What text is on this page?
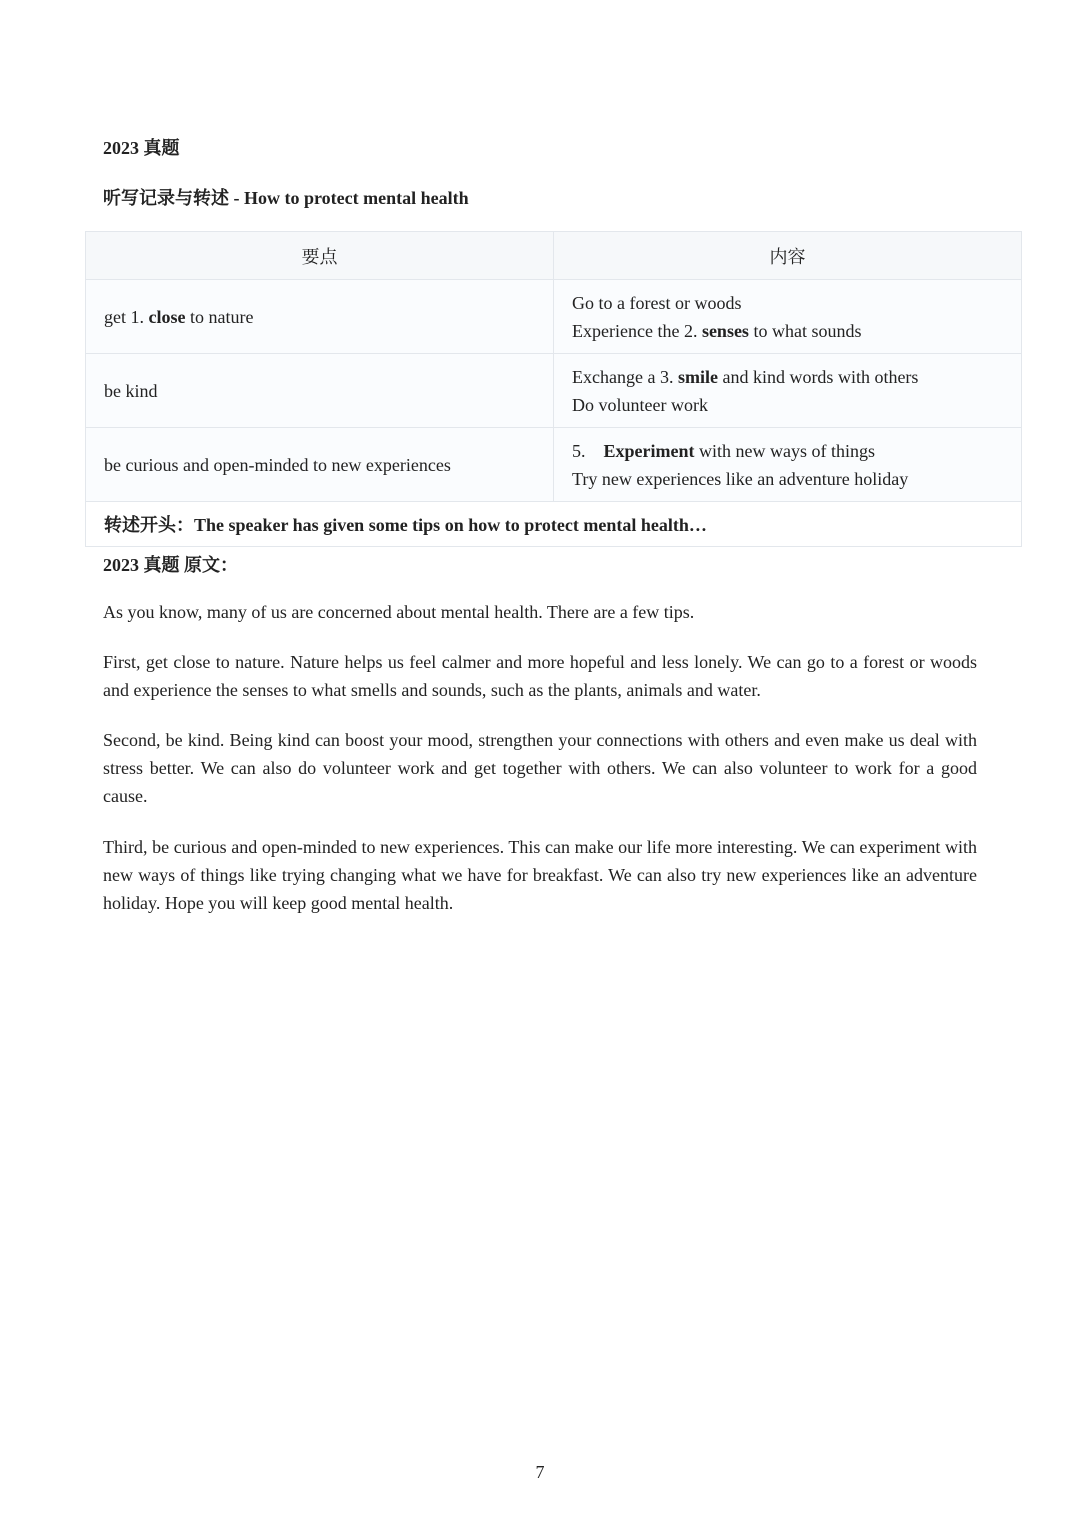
2023 真题

听写记录与转述 - How to protect mental health

要点	内容
get 1. close to nature	Go to a forest or woods
Experience the 2. senses to what sounds

be kind	Exchange a 3. smile and kind words with others
Do volunteer work

be curious and open-minded to new experiences	5.    Experiment with new ways of things
Try new experiences like an adventure holiday

转述开头：The speaker has given some tips on how to protect mental health…	

2023 真题 原文：

As you know, many of us are concerned about mental health. There are a few tips.

First, get close to nature. Nature helps us feel calmer and more hopeful and less lonely. We can go to a forest or woods and experience the senses to what smells and sounds, such as the plants, animals and water.

Second, be kind. Being kind can boost your mood, strengthen your connections with others and even make us deal with stress better. We can also do volunteer work and get together with others. We can also volunteer to work for a good cause.

Third, be curious and open-minded to new experiences. This can make our life more interesting. We can experiment with new ways of things like trying changing what we have for breakfast. We can also try new experiences like an adventure holiday. Hope you will keep good mental health.

7
